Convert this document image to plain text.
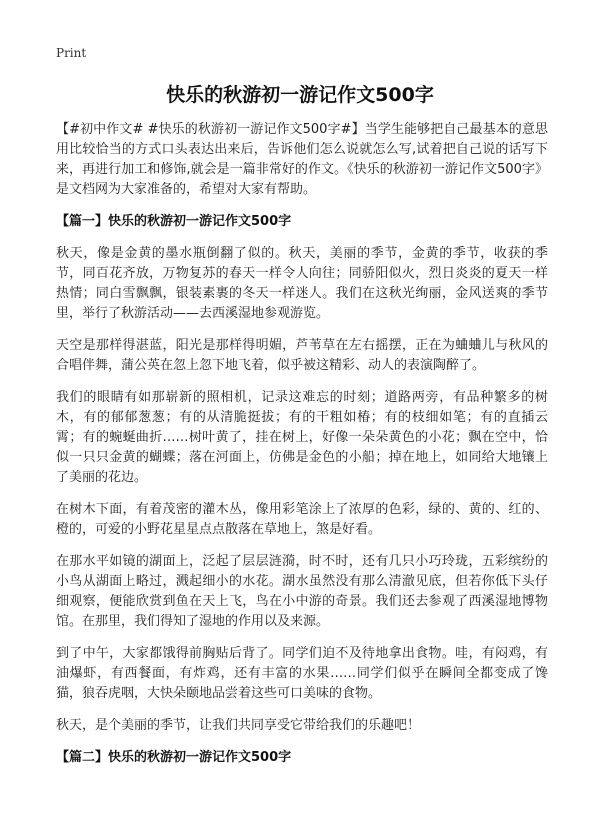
Print
快乐的秋游初一游记作文500字

【#初中作文# #快乐的秋游初一游记作文500字#】当学生能够把自己最基本的意思用比较恰当的方式口头表达出来后，告诉他们怎么说就怎么写,试着把自己说的话写下来，再进行加工和修饰,就会是一篇非常好的作文。《快乐的秋游初一游记作文500字》是文档网为大家准备的，希望对大家有帮助。

【篇一】快乐的秋游初一游记作文500字

秋天，像是金黄的墨水瓶倒翻了似的。秋天，美丽的季节，金黄的季节，收获的季节，同百花齐放，万物复苏的春天一样令人向往；同骄阳似火，烈日炎炎的夏天一样热情；同白雪飘飘，银装素裹的冬天一样迷人。我们在这秋光绚丽，金风送爽的季节里，举行了秋游活动——去西溪湿地参观游览。

天空是那样得湛蓝，阳光是那样得明媚，芦苇草在左右摇摆，正在为蛐蛐儿与秋风的合唱伴舞，蒲公英在忽上忽下地飞着，似乎被这精彩、动人的表演陶醉了。

我们的眼睛有如那崭新的照相机，记录这难忘的时刻；道路两旁，有品种繁多的树木，有的郁郁葱葱；有的从清脆挺拔；有的干粗如椿；有的枝细如笔；有的直插云霄；有的蜿蜒曲折……树叶黄了，挂在树上，好像一朵朵黄色的小花；飘在空中，恰似一只只金黄的蝴蝶；落在河面上，仿佛是金色的小船；掉在地上，如同给大地镶上了美丽的花边。

在树木下面，有着茂密的灌木丛，像用彩笔涂上了浓厚的色彩，绿的、黄的、红的、橙的，可爱的小野花星星点点散落在草地上，煞是好看。

在那水平如镜的湖面上，泛起了层层涟漪，时不时，还有几只小巧玲珑，五彩缤纷的小鸟从湖面上略过，溅起细小的水花。湖水虽然没有那么清澈见底，但若你低下头仔细观察，便能欣赏到鱼在天上飞，鸟在小中游的奇景。我们还去参观了西溪湿地博物馆。在那里，我们得知了湿地的作用以及来源。

到了中午，大家都饿得前胸贴后背了。同学们迫不及待地拿出食物。哇，有闷鸡，有油爆虾，有西餐面，有炸鸡，还有丰富的水果……同学们似乎在瞬间全都变成了馋猫，狼吞虎咽，大快朵颐地品尝着这些可口美味的食物。

秋天，是个美丽的季节，让我们共同享受它带给我们的乐趣吧！

【篇二】快乐的秋游初一游记作文500字
